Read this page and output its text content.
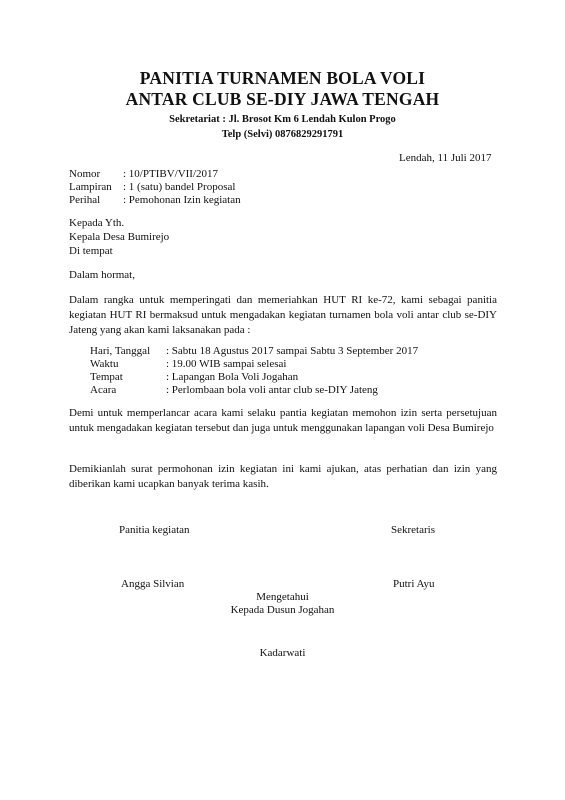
PANITIA TURNAMEN BOLA VOLI
ANTAR CLUB SE-DIY JAWA TENGAH
Sekretariat : Jl. Brosot Km 6 Lendah Kulon Progo
Telp (Selvi) 0876829291791
Lendah, 11 Juli 2017
Nomor : 10/PTIBV/VII/2017
Lampiran : 1 (satu) bandel Proposal
Perihal : Pemohonan Izin kegiatan
Kepada Yth.
Kepala Desa Bumirejo
Di tempat
Dalam hormat,
Dalam rangka untuk memperingati dan memeriahkan HUT RI ke-72, kami sebagai panitia kegiatan HUT RI bermaksud untuk mengadakan kegiatan turnamen bola voli antar club se-DIY Jateng yang akan kami laksanakan pada :
Hari, Tanggal : Sabtu 18 Agustus 2017 sampai Sabtu 3 September 2017
Waktu	: 19.00 WIB sampai selesai
Tempat	: Lapangan Bola Voli Jogahan
Acara	: Perlombaan bola voli antar club se-DIY Jateng
Demi untuk memperlancar acara kami selaku pantia kegiatan memohon izin serta persetujuan untuk mengadakan kegiatan tersebut dan juga untuk menggunakan lapangan voli Desa Bumirejo
Demikianlah surat permohonan izin kegiatan ini kami ajukan, atas perhatian dan izin yang diberikan kami ucapkan banyak terima kasih.
Panitia kegiatan	Sekretaris
Angga Silvian	Putri Ayu
Mengetahui
Kepada Dusun Jogahan
Kadarwati
